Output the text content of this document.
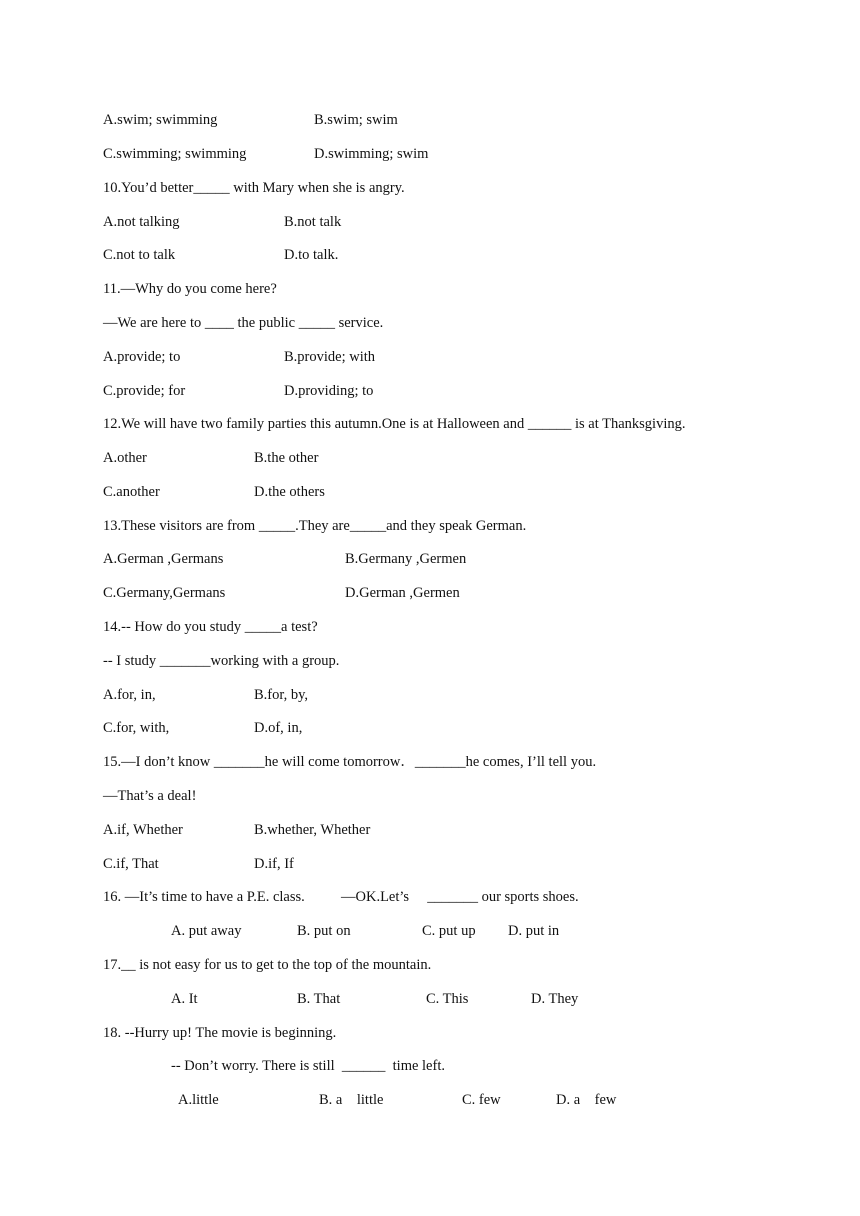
A.swim; swimming	B.swim; swim
C.swimming; swimming	D.swimming; swim
10.You’d better_____ with Mary when she is angry.
A.not talking	B.not talk
C.not to talk	D.to talk.
11.—Why do you come here?
—We are here to ____ the public _____ service.
A.provide; to	B.provide; with
C.provide; for	D.providing; to
12.We will have two family parties this autumn.One is at Halloween and ______ is at Thanksgiving.
A.other	B.the other
C.another	D.the others
13.These visitors are from _____.They are_____and they speak German.
A.German ,Germans	B.Germany ,Germen
C.Germany,Germans	D.German ,Germen
14.-- How do you study _____a test?
-- I study _______working with a group.
A.for, in,	B.for, by,
C.for, with,	D.of, in,
15.—I don’t know _______he will come tomorrow．_______he comes, I’ll tell you.
—That’s a deal!
A.if, Whether	B.whether, Whether
C.if, That	D.if, If
16. —It’s time to have a P.E. class.          —OK.Let’s     _______ our sports shoes.
A. put away	B. put on	C. put up D. put in
17.__ is not easy for us to get to the top of the mountain.
A. It	B. That	C. This	D. They
18. --Hurry up! The movie is beginning.
-- Don’t worry. There is still  ______  time left.
A.little	B. a    little	C. few	D. a    few
